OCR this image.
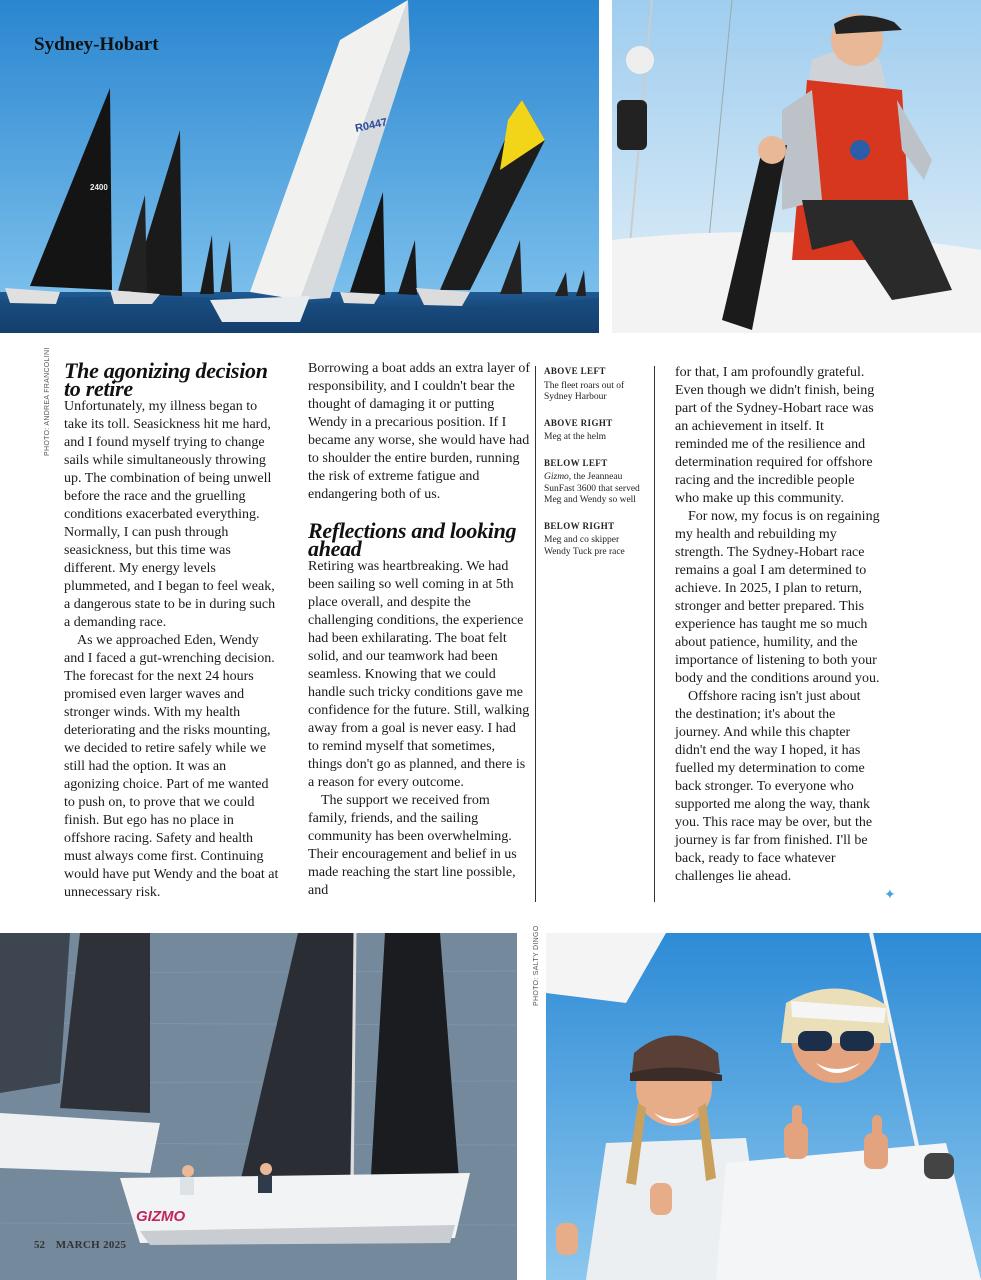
R0447
2400
Sydney-Hobart
PHOTO: ANDREA FRANCOLINI The agonizing decision to retire

Unfortunately, my illness began to take its toll. Seasickness hit me hard, and I found myself trying to change sails while simultaneously throwing up. The combination of being unwell before the race and the gruelling conditions exacerbated everything. Normally, I can push through seasickness, but this time was different. My energy levels plummeted, and I began to feel weak, a dangerous state to be in during such a demanding race.

As we approached Eden, Wendy and I faced a gut-wrenching decision. The forecast for the next 24 hours promised even larger waves and stronger winds. With my health deteriorating and the risks mounting, we decided to retire safely while we still had the option. It was an agonizing choice. Part of me wanted to push on, to prove that we could finish. But ego has no place in offshore racing. Safety and health must always come first. Continuing would have put Wendy and the boat at unnecessary risk.

Borrowing a boat adds an extra layer of responsibility, and I couldn't bear the thought of damaging it or putting Wendy in a precarious position. If I became any worse, she would have had to shoulder the entire burden, running the risk of extreme fatigue and endangering both of us.

Reflections and looking ahead

Retiring was heartbreaking. We had been sailing so well coming in at 5th place overall, and despite the challenging conditions, the experience had been exhilarating. The boat felt solid, and our teamwork had been seamless. Knowing that we could handle such tricky conditions gave me confidence for the future. Still, walking away from a goal is never easy. I had to remind myself that sometimes, things don't go as planned, and there is a reason for every outcome.

The support we received from family, friends, and the sailing community has been overwhelming. Their encouragement and belief in us made reaching the start line possible, and

ABOVE LEFT
The fleet roars out of Sydney Harbour
ABOVE RIGHT
Meg at the helm
BELOW LEFT
Gizmo, the Jeanneau SunFast 3600 that served Meg and Wendy so well
BELOW RIGHT
Meg and co skipper Wendy Tuck pre race

for that, I am profoundly grateful. Even though we didn't finish, being part of the Sydney-Hobart race was an achievement in itself. It reminded me of the resilience and determination required for offshore racing and the incredible people who make up this community.

For now, my focus is on regaining my health and rebuilding my strength. The Sydney-Hobart race remains a goal I am determined to achieve. In 2025, I plan to return, stronger and better prepared. This experience has taught me so much about patience, humility, and the importance of listening to both your body and the conditions around you.

Offshore racing isn't just about the destination; it's about the journey. And while this chapter didn't end the way I hoped, it has fuelled my determination to come back stronger. To everyone who supported me along the way, thank you. This race may be over, but the journey is far from finished. I'll be back, ready to face whatever challenges lie ahead.

✦
GIZMO
PHOTO: SALTY DINGO
52 MARCH 2025
